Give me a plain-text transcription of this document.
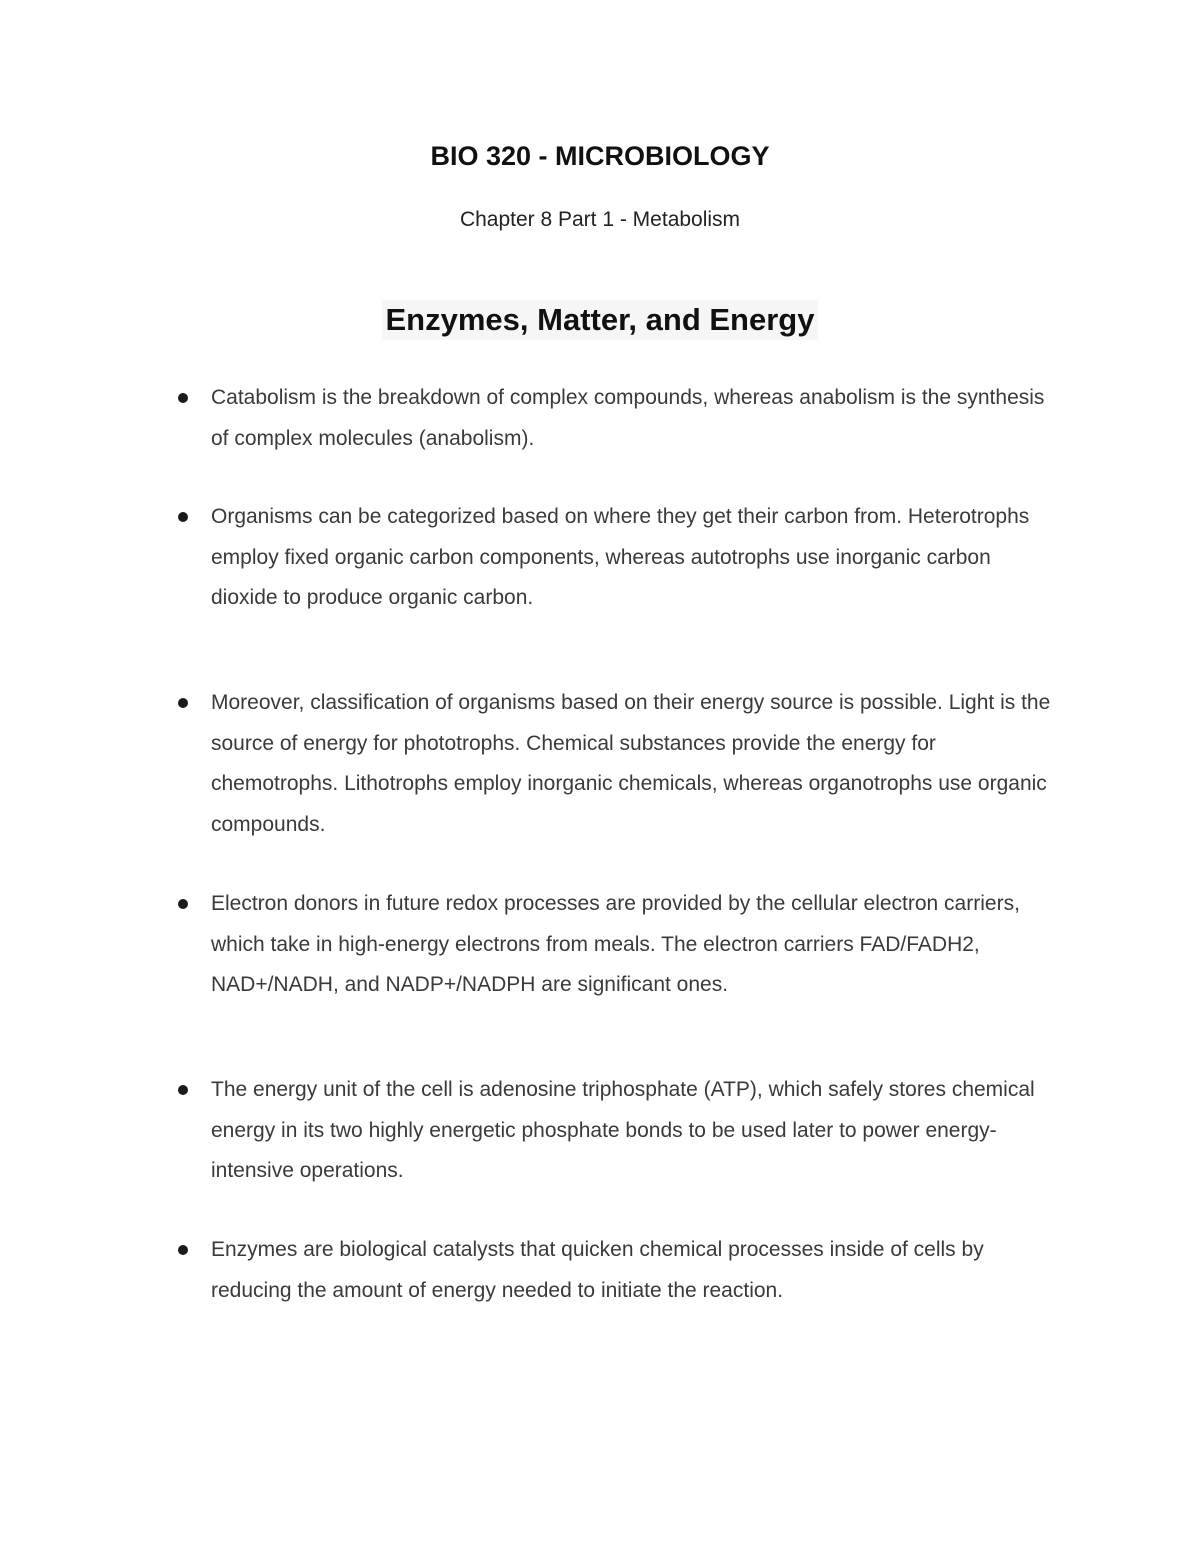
BIO 320 - MICROBIOLOGY
Chapter 8 Part 1 - Metabolism
Enzymes, Matter, and Energy
Catabolism is the breakdown of complex compounds, whereas anabolism is the synthesis of complex molecules (anabolism).
Organisms can be categorized based on where they get their carbon from. Heterotrophs employ fixed organic carbon components, whereas autotrophs use inorganic carbon dioxide to produce organic carbon.
Moreover, classification of organisms based on their energy source is possible. Light is the source of energy for phototrophs. Chemical substances provide the energy for chemotrophs. Lithotrophs employ inorganic chemicals, whereas organotrophs use organic compounds.
Electron donors in future redox processes are provided by the cellular electron carriers, which take in high-energy electrons from meals. The electron carriers FAD/FADH2, NAD+/NADH, and NADP+/NADPH are significant ones.
The energy unit of the cell is adenosine triphosphate (ATP), which safely stores chemical energy in its two highly energetic phosphate bonds to be used later to power energy-intensive operations.
Enzymes are biological catalysts that quicken chemical processes inside of cells by reducing the amount of energy needed to initiate the reaction.
